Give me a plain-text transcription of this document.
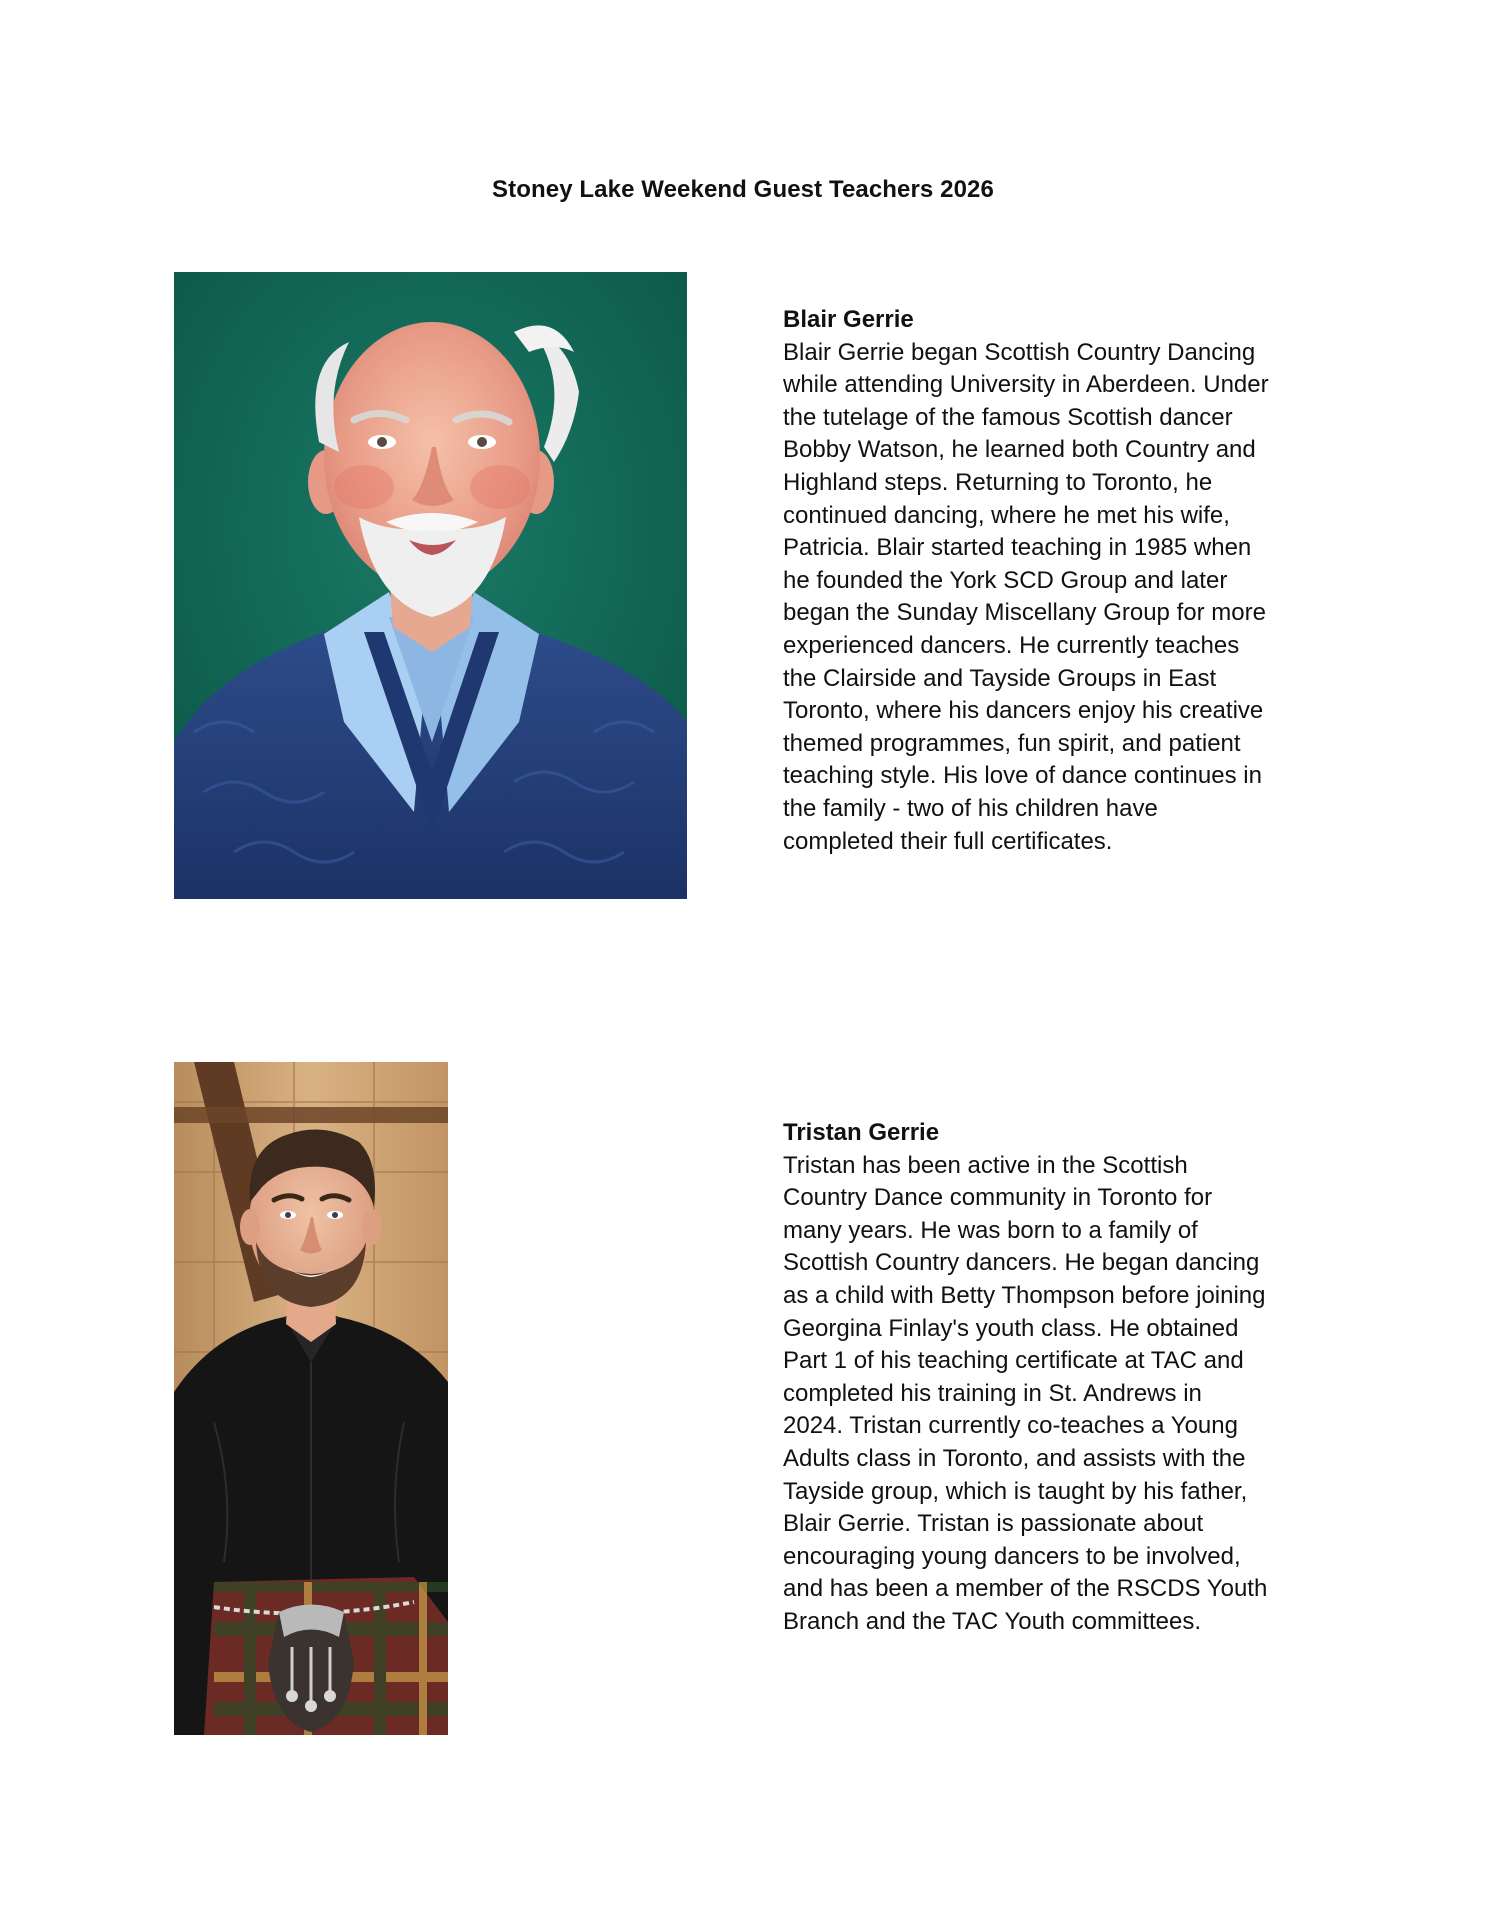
Stoney Lake Weekend Guest Teachers 2026
Blair Gerrie

Blair Gerrie began Scottish Country Dancing
while attending University in Aberdeen. Under
the tutelage of the famous Scottish dancer
Bobby Watson, he learned both Country and
Highland steps. Returning to Toronto, he
continued dancing, where he met his wife,
Patricia. Blair started teaching in 1985 when
he founded the York SCD Group and later
began the Sunday Miscellany Group for more
experienced dancers. He currently teaches
the Clairside and Tayside Groups in East
Toronto, where his dancers enjoy his creative
themed programmes, fun spirit, and patient
teaching style. His love of dance continues in
the family - two of his children have
completed their full certificates.

Tristan Gerrie

Tristan has been active in the Scottish
Country Dance community in Toronto for
many years. He was born to a family of
Scottish Country dancers. He began dancing
as a child with Betty Thompson before joining
Georgina Finlay's youth class. He obtained
Part 1 of his teaching certificate at TAC and
completed his training in St. Andrews in
2024. Tristan currently co-teaches a Young
Adults class in Toronto, and assists with the
Tayside group, which is taught by his father,
Blair Gerrie. Tristan is passionate about
encouraging young dancers to be involved,
and has been a member of the RSCDS Youth
Branch and the TAC Youth committees.
